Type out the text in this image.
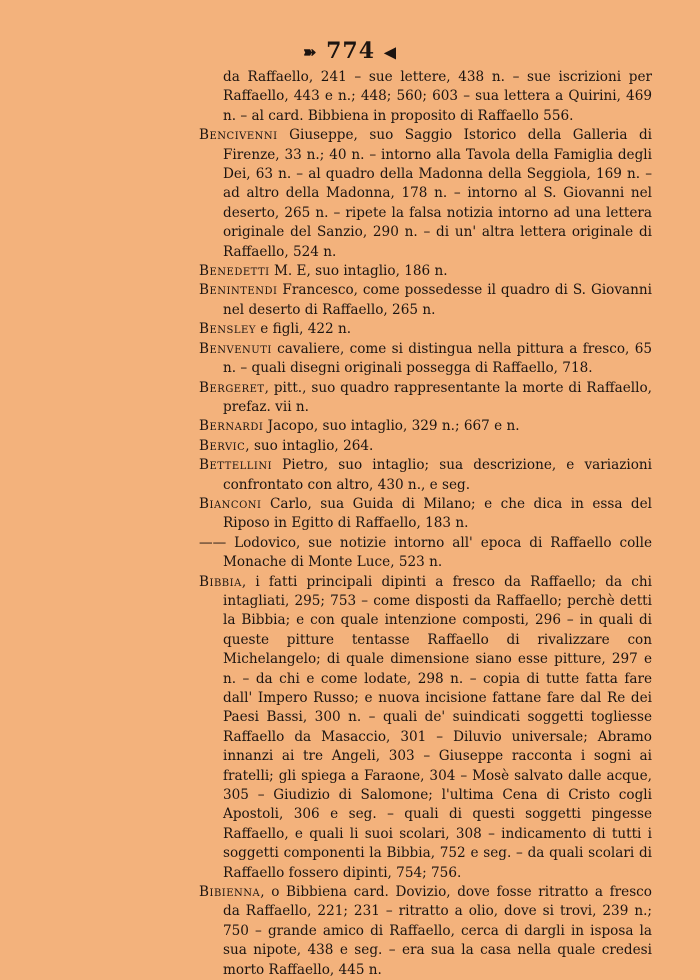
➽ 774 ◀

da Raffaello, 241 – sue lettere, 438 n. – sue iscrizioni per Raffaello, 443 e n.; 448; 560; 603 – sua lettera a Quirini, 469 n. – al card. Bibbiena in proposito di Raffaello 556.

Bencivenni Giuseppe, suo Saggio Istorico della Galleria di Firenze, 33 n.; 40 n. – intorno alla Tavola della Famiglia degli Dei, 63 n. – al quadro della Madonna della Seggiola, 169 n. – ad altro della Madonna, 178 n. – intorno al S. Giovanni nel deserto, 265 n. – ripete la falsa notizia intorno ad una lettera originale del Sanzio, 290 n. – di un' altra lettera originale di Raffaello, 524 n.

Benedetti M. E, suo intaglio, 186 n.

Benintendi Francesco, come possedesse il quadro di S. Giovanni nel deserto di Raffaello, 265 n.

Bensley e figli, 422 n.

Benvenuti cavaliere, come si distingua nella pittura a fresco, 65 n. – quali disegni originali possegga di Raffaello, 718.

Bergeret, pitt., suo quadro rappresentante la morte di Raffaello, prefaz. vii n.

Bernardi Jacopo, suo intaglio, 329 n.; 667 e n.

Bervic, suo intaglio, 264.

Bettellini Pietro, suo intaglio; sua descrizione, e variazioni confrontato con altro, 430 n., e seg.

Bianconi Carlo, sua Guida di Milano; e che dica in essa del Riposo in Egitto di Raffaello, 183 n.

—— Lodovico, sue notizie intorno all' epoca di Raffaello colle Monache di Monte Luce, 523 n.

Bibbia, i fatti principali dipinti a fresco da Raffaello; da chi intagliati, 295; 753 – come disposti da Raffaello; perchè detti la Bibbia; e con quale intenzione composti, 296 – in quali di queste pitture tentasse Raffaello di rivalizzare con Michelangelo; di quale dimensione siano esse pitture, 297 e n. – da chi e come lodate, 298 n. – copia di tutte fatta fare dall' Impero Russo; e nuova incisione fattane fare dal Re dei Paesi Bassi, 300 n. – quali de' suindicati soggetti togliesse Raffaello da Masaccio, 301 – Diluvio universale; Abramo innanzi ai tre Angeli, 303 – Giuseppe racconta i sogni ai fratelli; gli spiega a Faraone, 304 – Mosè salvato dalle acque, 305 – Giudizio di Salomone; l'ultima Cena di Cristo cogli Apostoli, 306 e seg. – quali di questi soggetti pingesse Raffaello, e quali li suoi scolari, 308 – indicamento di tutti i soggetti componenti la Bibbia, 752 e seg. – da quali scolari di Raffaello fossero dipinti, 754; 756.

Bibienna, o Bibbiena card. Dovizio, dove fosse ritratto a fresco da Raffaello, 221; 231 – ritratto a olio, dove si trovi, 239 n.; 750 – grande amico di Raffaello, cerca di dargli in isposa la sua nipote, 438 e seg. – era sua la casa nella quale credesi morto Raffaello, 445 n.
